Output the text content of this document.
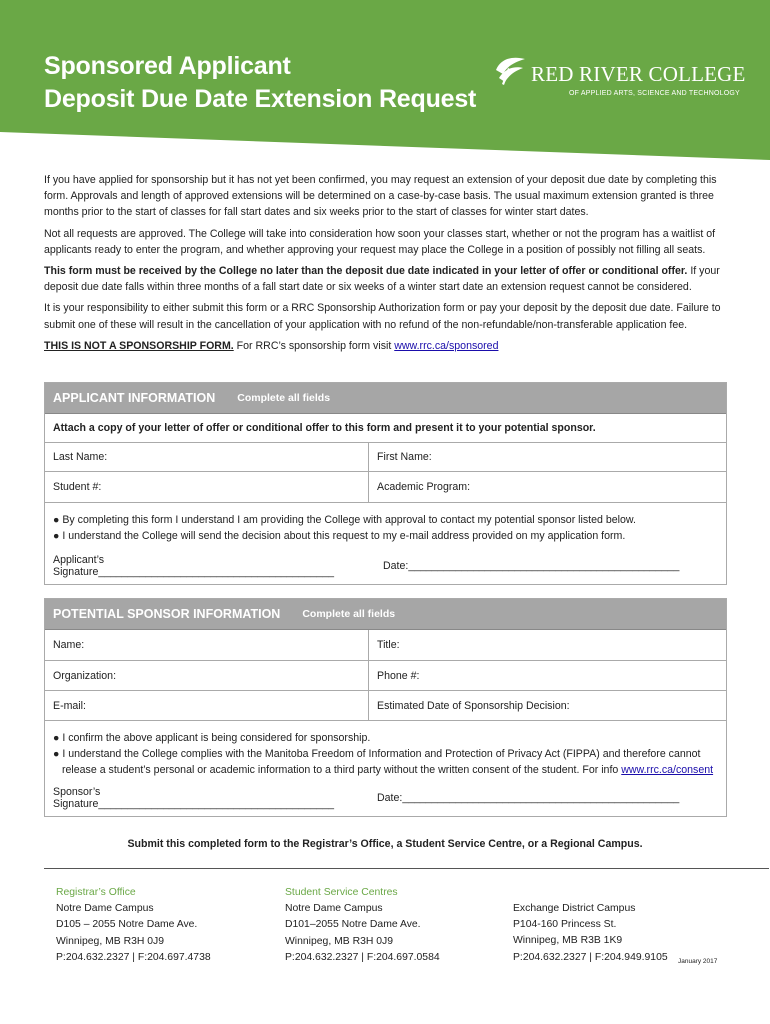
Sponsored Applicant
Deposit Due Date Extension Request
RED RIVER COLLEGE
OF APPLIED ARTS, SCIENCE AND TECHNOLOGY

If you have applied for sponsorship but it has not yet been confirmed, you may request an extension of your deposit due date by completing this form. Approvals and length of approved extensions will be determined on a case-by-case basis. The usual maximum extension granted is three months prior to the start of classes for fall start dates and six weeks prior to the start of classes for winter start dates.

Not all requests are approved. The College will take into consideration how soon your classes start, whether or not the program has a waitlist of applicants ready to enter the program, and whether approving your request may place the College in a position of possibly not filling all seats.

This form must be received by the College no later than the deposit due date indicated in your letter of offer or conditional offer. If your deposit due date falls within three months of a fall start date or six weeks of a winter start date an extension request cannot be considered.

It is your responsibility to either submit this form or a RRC Sponsorship Authorization form or pay your deposit by the deposit due date. Failure to submit one of these will result in the cancellation of your application with no refund of the non-refundable/non-transferable application fee.

THIS IS NOT A SPONSORSHIP FORM. For RRC’s sponsorship form visit www.rrc.ca/sponsored

APPLICANT INFORMATION Complete all fields
Attach a copy of your letter of offer or conditional offer to this form and present it to your potential sponsor.
Last Name:	First Name:
Student #:	Academic Program:
● By completing this form I understand I am providing the College with approval to contact my potential sponsor listed below.
● I understand the College will send the decision about this request to my e-mail address provided on my application form.
Applicant’s Signature________________________________________	Date:______________________________________________
POTENTIAL SPONSOR INFORMATION Complete all fields
Name:	Title:
Organization:	Phone #:
E-mail:	Estimated Date of Sponsorship Decision:
● I confirm the above applicant is being considered for sponsorship.
● I understand the College complies with the Manitoba Freedom of Information and Protection of Privacy Act (FIPPA) and therefore cannot
release a student’s personal or academic information to a third party without the written consent of the student. For info www.rrc.ca/consent
Sponsor’s Signature________________________________________	Date:_______________________________________________
Submit this completed form to the Registrar’s Office, a Student Service Centre, or a Regional Campus.
Registrar’s Office
Notre Dame Campus
D105 – 2055 Notre Dame Ave.
Winnipeg, MB R3H 0J9
P:204.632.2327 | F:204.697.4738
Student Service Centres
Notre Dame Campus
D101–2055 Notre Dame Ave.
Winnipeg, MB R3H 0J9
P:204.632.2327 | F:204.697.0584
Exchange District Campus
P104-160 Princess St.
Winnipeg, MB R3B 1K9
P:204.632.2327 | F:204.949.9105 January 2017
